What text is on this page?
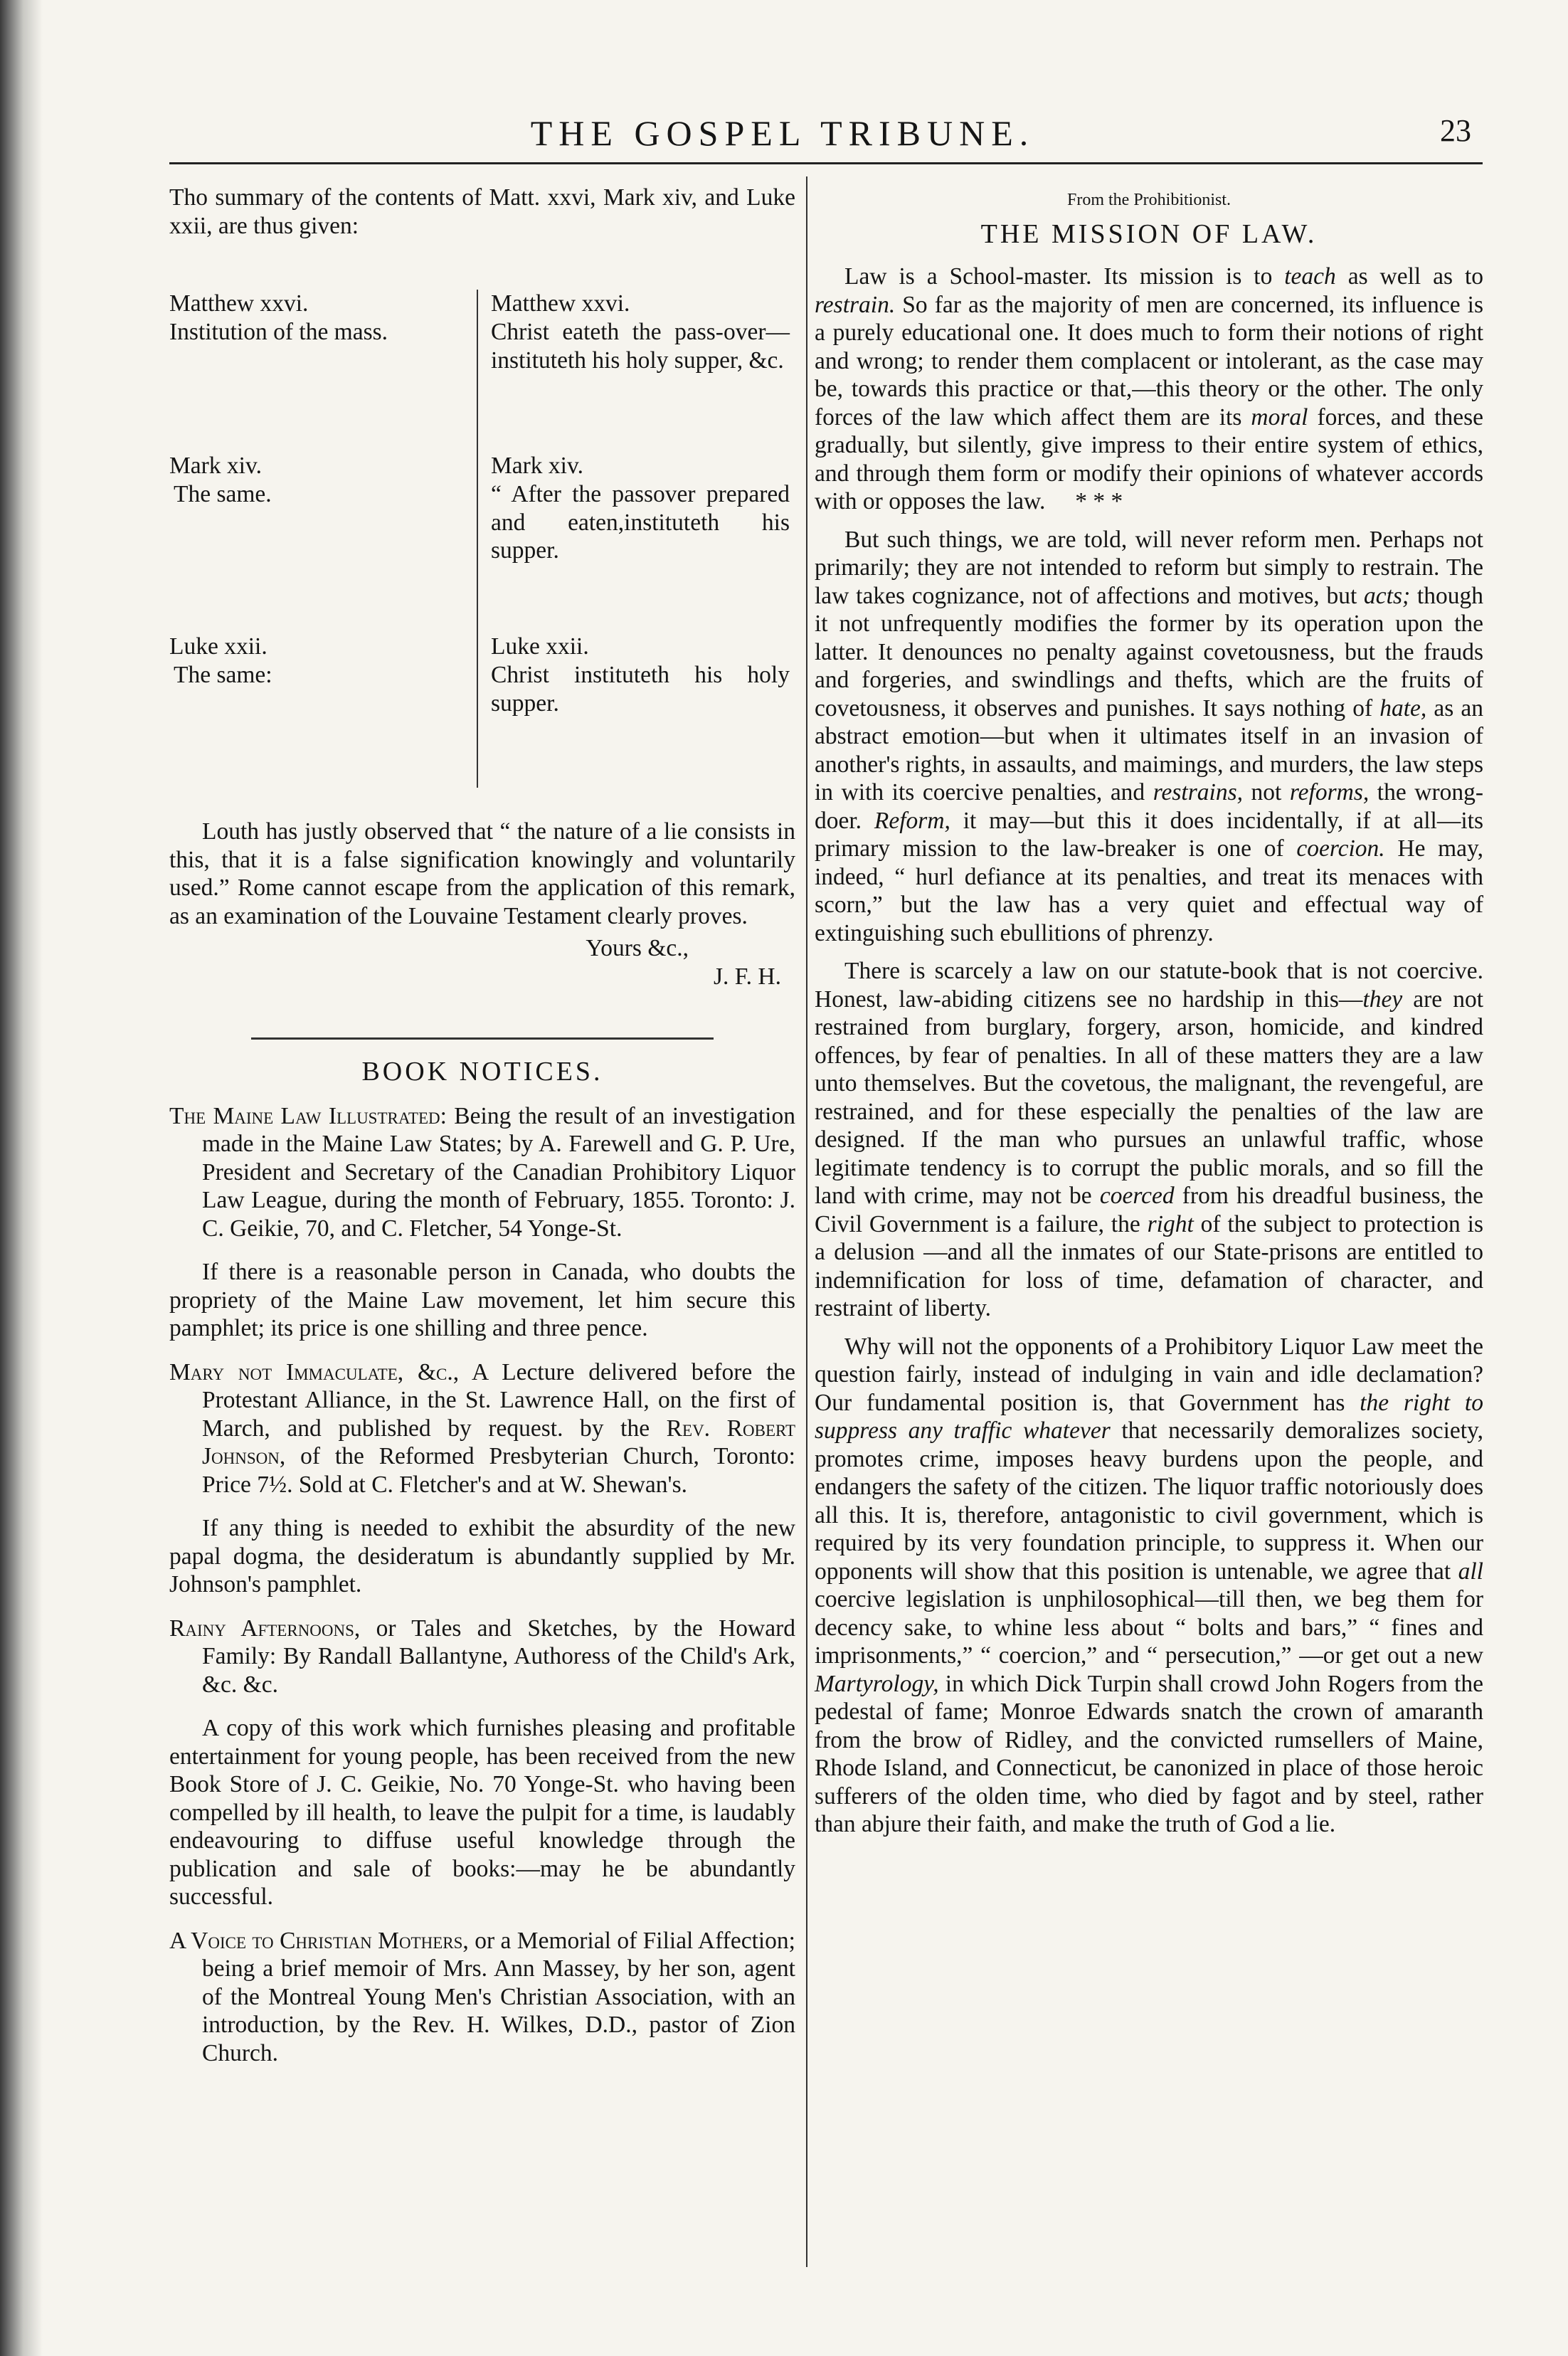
THE GOSPEL TRIBUNE.	23

Tho summary of the contents of Matt. xxvi, Mark xiv, and Luke xxii, are thus given:

Matthew xxvi.

Institution of the mass.

Matthew xxvi.

Christ eateth the pass-over—instituteth his holy supper, &c.

Mark xiv.

The same.

Mark xiv.

“ After the passover prepared and eaten,instituteth his supper.

Luke xxii.

The same:

Luke xxii.

Christ instituteth his holy supper.

Louth has justly observed that “ the nature of a lie consists in this, that it is a false signification knowingly and voluntarily used.” Rome cannot escape from the application of this remark, as an examination of the Louvaine Testament clearly proves.

Yours &c.,

J. F. H.

BOOK NOTICES.

The Maine Law Illustrated: Being the result of an investigation made in the Maine Law States; by A. Farewell and G. P. Ure, President and Secretary of the Canadian Prohibitory Liquor Law League, during the month of February, 1855. Toronto: J. C. Geikie, 70, and C. Fletcher, 54 Yonge-St.

If there is a reasonable person in Canada, who doubts the propriety of the Maine Law movement, let him secure this pamphlet; its price is one shilling and three pence.

Mary not Immaculate, &c., A Lecture delivered before the Protestant Alliance, in the St. Lawrence Hall, on the first of March, and published by request. by the Rev. Robert Johnson, of the Reformed Presbyterian Church, Toronto: Price 7½. Sold at C. Fletcher's and at W. Shewan's.

If any thing is needed to exhibit the absurdity of the new papal dogma, the desideratum is abundantly supplied by Mr. Johnson's pamphlet.

Rainy Afternoons, or Tales and Sketches, by the Howard Family: By Randall Ballantyne, Authoress of the Child's Ark, &c. &c.

A copy of this work which furnishes pleasing and profitable entertainment for young people, has been received from the new Book Store of J. C. Geikie, No. 70 Yonge-St. who having been compelled by ill health, to leave the pulpit for a time, is laudably endeavouring to diffuse useful knowledge through the publication and sale of books:—may he be abundantly successful.

A Voice to Christian Mothers, or a Memorial of Filial Affection; being a brief memoir of Mrs. Ann Massey, by her son, agent of the Montreal Young Men's Christian Association, with an introduction, by the Rev. H. Wilkes, D.D., pastor of Zion Church.

From the Prohibitionist.
THE MISSION OF LAW.

Law is a School-master. Its mission is to teach as well as to restrain. So far as the majority of men are concerned, its influence is a purely educational one. It does much to form their notions of right and wrong; to render them complacent or intolerant, as the case may be, towards this practice or that,—this theory or the other. The only forces of the law which affect them are its moral forces, and these gradually, but silently, give impress to their entire system of ethics, and through them form or modify their opinions of whatever accords with or opposes the law. * * *

But such things, we are told, will never reform men. Perhaps not primarily; they are not intended to reform but simply to restrain. The law takes cognizance, not of affections and motives, but acts; though it not unfrequently modifies the former by its operation upon the latter. It denounces no penalty against covetousness, but the frauds and forgeries, and swindlings and thefts, which are the fruits of covetousness, it observes and punishes. It says nothing of hate, as an abstract emotion—but when it ultimates itself in an invasion of another's rights, in assaults, and maimings, and murders, the law steps in with its coercive penalties, and restrains, not reforms, the wrong-doer. Reform, it may—but this it does incidentally, if at all—its primary mission to the law-breaker is one of coercion. He may, indeed, “ hurl defiance at its penalties, and treat its menaces with scorn,” but the law has a very quiet and effectual way of extinguishing such ebullitions of phrenzy.

There is scarcely a law on our statute-book that is not coercive. Honest, law-abiding citizens see no hardship in this—they are not restrained from burglary, forgery, arson, homicide, and kindred offences, by fear of penalties. In all of these matters they are a law unto themselves. But the covetous, the malignant, the revengeful, are restrained, and for these especially the penalties of the law are designed. If the man who pursues an unlawful traffic, whose legitimate tendency is to corrupt the public morals, and so fill the land with crime, may not be coerced from his dreadful business, the Civil Government is a failure, the right of the subject to protection is a delusion —and all the inmates of our State-prisons are entitled to indemnification for loss of time, defamation of character, and restraint of liberty.

Why will not the opponents of a Prohibitory Liquor Law meet the question fairly, instead of indulging in vain and idle declamation? Our fundamental position is, that Government has the right to suppress any traffic whatever that necessarily demoralizes society, promotes crime, imposes heavy burdens upon the people, and endangers the safety of the citizen. The liquor traffic notoriously does all this. It is, therefore, antagonistic to civil government, which is required by its very foundation principle, to suppress it. When our opponents will show that this position is untenable, we agree that all coercive legislation is unphilosophical—till then, we beg them for decency sake, to whine less about “ bolts and bars,” “ fines and imprisonments,” “ coercion,” and “ persecution,” —or get out a new Martyrology, in which Dick Turpin shall crowd John Rogers from the pedestal of fame; Monroe Edwards snatch the crown of amaranth from the brow of Ridley, and the convicted rumsellers of Maine, Rhode Island, and Connecticut, be canonized in place of those heroic sufferers of the olden time, who died by fagot and by steel, rather than abjure their faith, and make the truth of God a lie.
